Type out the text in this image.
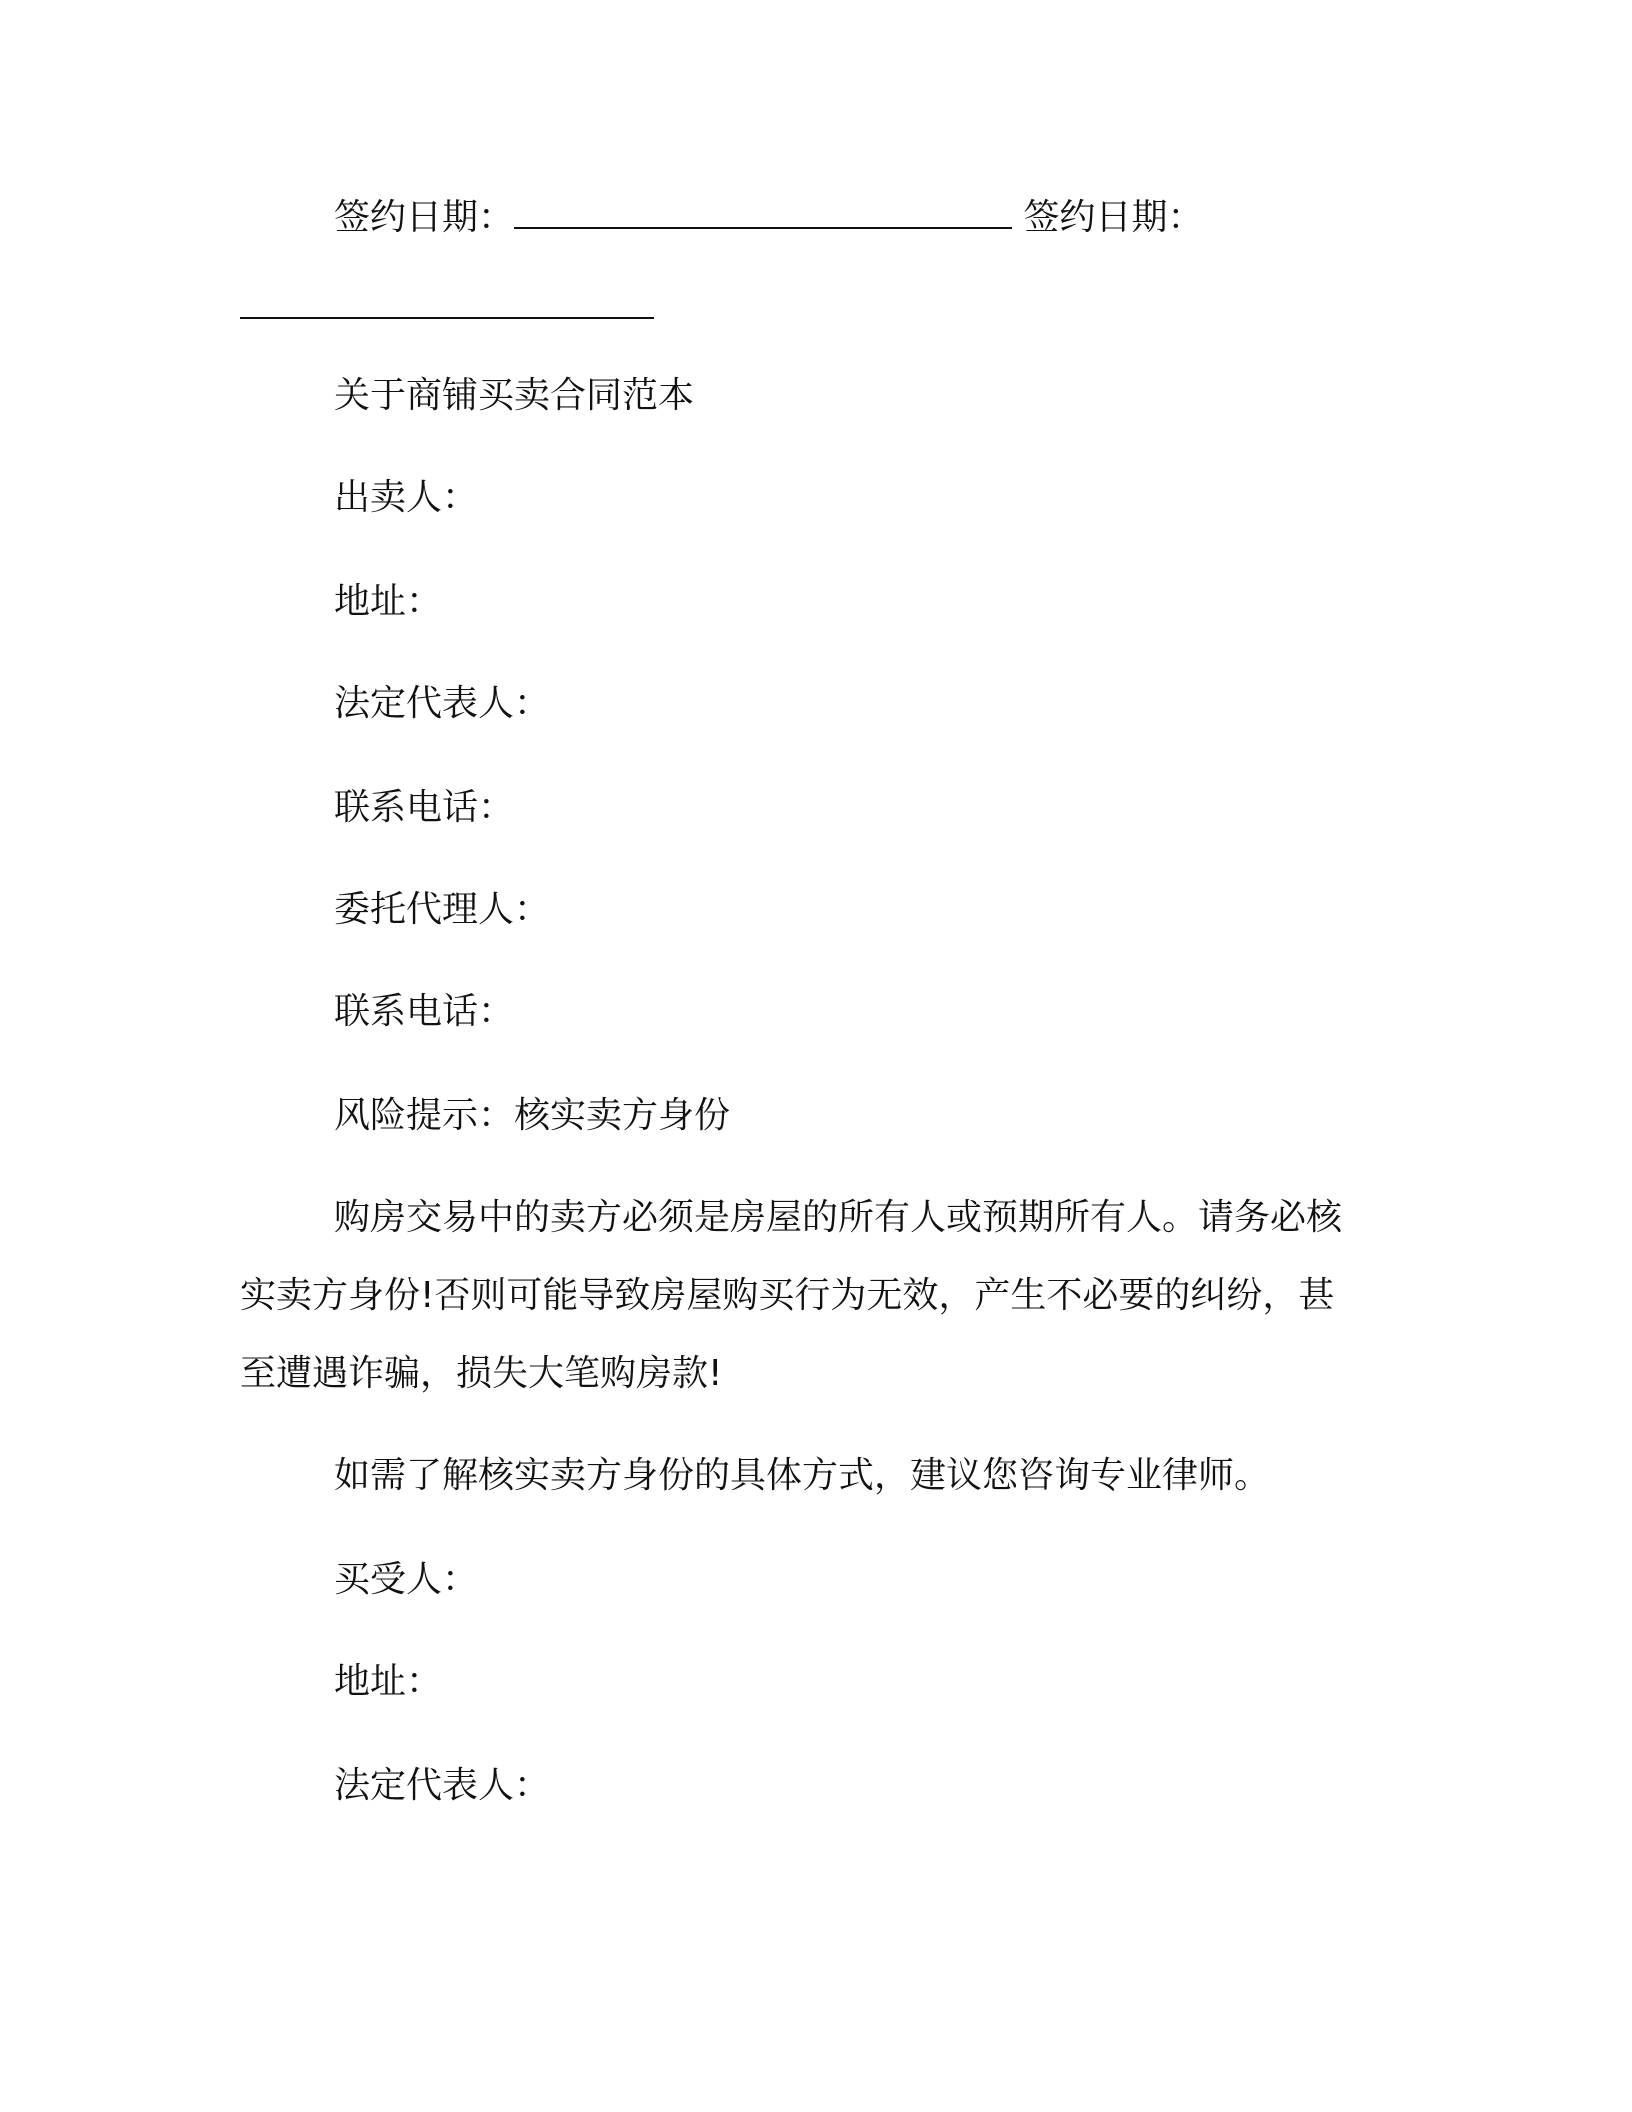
签约日期：	签约日期：
关于商铺买卖合同范本
出卖人：
地址：
法定代表人：
联系电话：
委托代理人：
联系电话：
风险提示：核实卖方身份
购房交易中的卖方必须是房屋的所有人或预期所有人。请务必核
实卖方身份!否则可能导致房屋购买行为无效，产生不必要的纠纷，甚
至遭遇诈骗，损失大笔购房款!
如需了解核实卖方身份的具体方式，建议您咨询专业律师。
买受人：
地址：
法定代表人：
